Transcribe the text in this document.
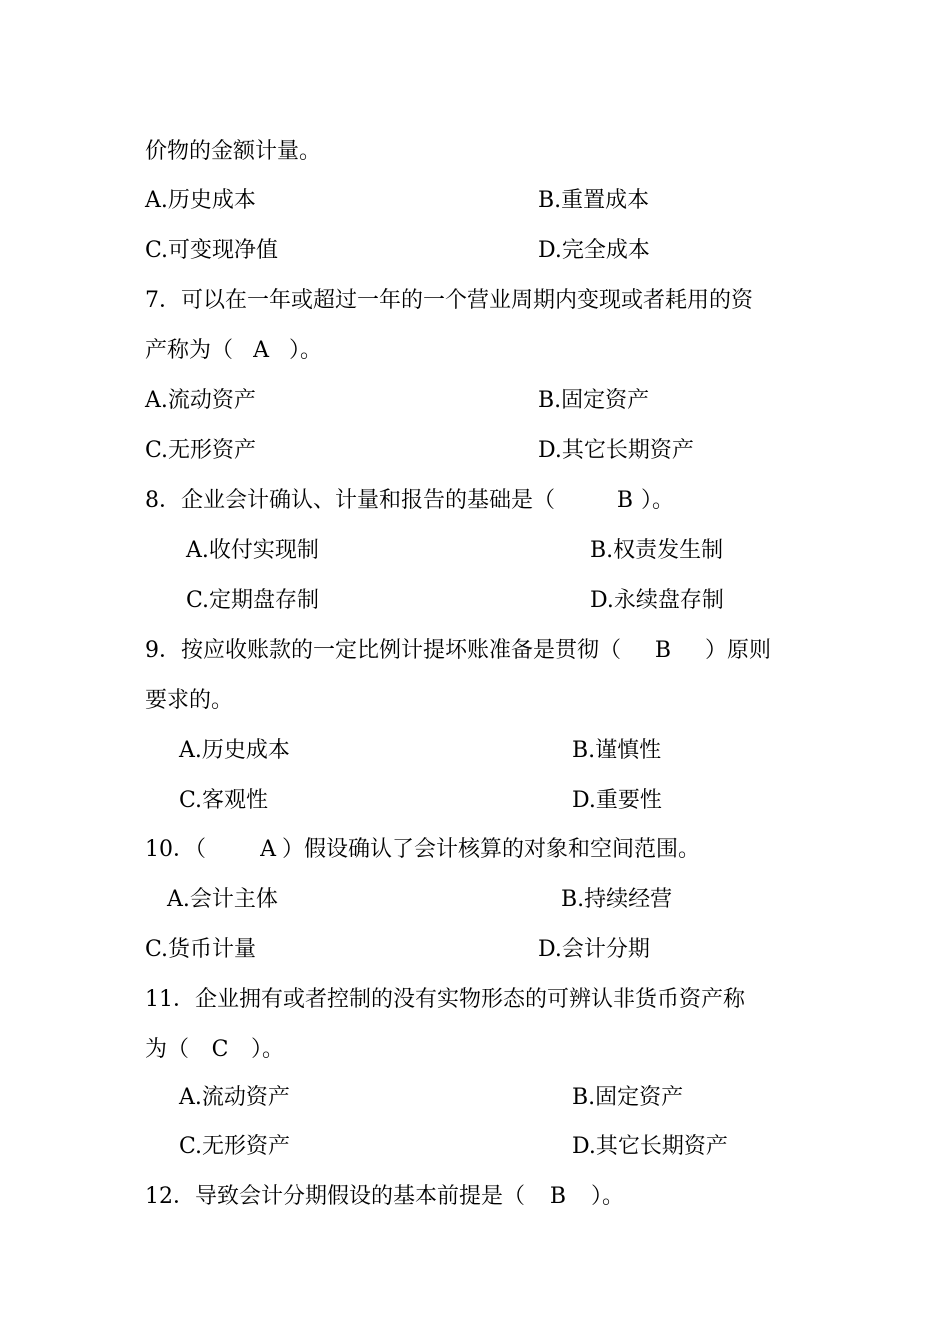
价物的金额计量。
A.历史成本	B.重置成本
C.可变现净值	D.完全成本
7．可以在一年或超过一年的一个营业周期内变现或者耗用的资
产称为（ A ）。
A.流动资产	B.固定资产
C.无形资产	D.其它长期资产
8．企业会计确认、计量和报告的基础是（	B ）。
A.收付实现制	B.权责发生制
C.定期盘存制	D.永续盘存制
9．按应收账款的一定比例计提坏账准备是贯彻（ B ）原则
要求的。
A.历史成本	B.谨慎性
C.客观性	D.重要性
10．（ A ）假设确认了会计核算的对象和空间范围。
A.会计主体	B.持续经营
C.货币计量	D.会计分期
11．企业拥有或者控制的没有实物形态的可辨认非货币资产称
为（ C ）。
A.流动资产	B.固定资产
C.无形资产	D.其它长期资产
12．导致会计分期假设的基本前提是（ B ）。
